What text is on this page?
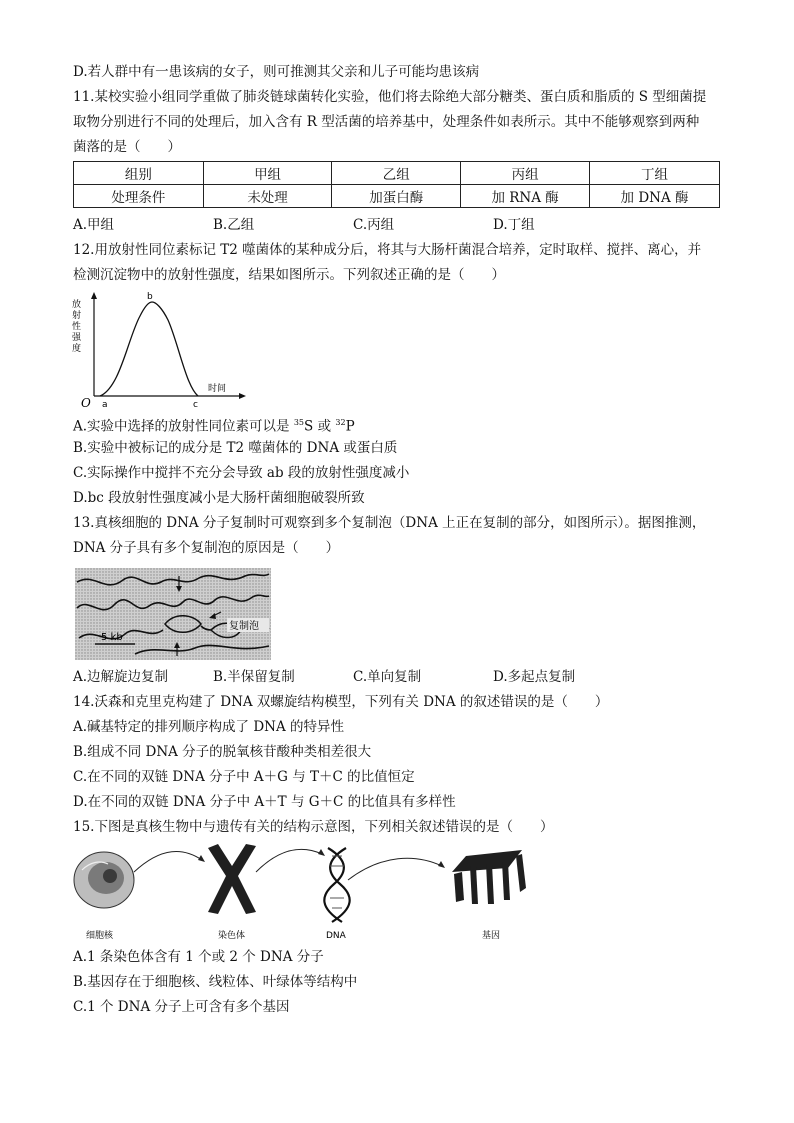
D.若人群中有一患该病的女子，则可推测其父亲和儿子可能均患该病
11.某校实验小组同学重做了肺炎链球菌转化实验，他们将去除绝大部分糖类、蛋白质和脂质的 S 型细菌提
取物分别进行不同的处理后，加入含有 R 型活菌的培养基中，处理条件如表所示。其中不能够观察到两种
菌落的是（　　）
组别	甲组	乙组	丙组	丁组
处理条件	未处理	加蛋白酶	加 RNA 酶	加 DNA 酶
A.甲组	B.乙组	C.丙组	D.丁组
12.用放射性同位素标记 T2 噬菌体的某种成分后，将其与大肠杆菌混合培养，定时取样、搅拌、离心，并
检测沉淀物中的放射性强度，结果如图所示。下列叙述正确的是（　　）
放
射
性
强
度
时间
O a
b
c
A.实验中选择的放射性同位素可以是 $^{35}$S 或 $^{32}$P
B.实验中被标记的成分是 T2 噬菌体的 DNA 或蛋白质
C.实际操作中搅拌不充分会导致 ab 段的放射性强度减小
D.bc 段放射性强度减小是大肠杆菌细胞破裂所致
13.真核细胞的 DNA 分子复制时可观察到多个复制泡（DNA 上正在复制的部分，如图所示）。据图推测，
DNA 分子具有多个复制泡的原因是（　　）
5 kb
复制泡
A.边解旋边复制	B.半保留复制	C.单向复制	D.多起点复制
14.沃森和克里克构建了 DNA 双螺旋结构模型，下列有关 DNA 的叙述错误的是（　　）
A.碱基特定的排列顺序构成了 DNA 的特异性
B.组成不同 DNA 分子的脱氧核苷酸种类相差很大
C.在不同的双链 DNA 分子中 A＋G 与 T＋C 的比值恒定
D.在不同的双链 DNA 分子中 A＋T 与 G＋C 的比值具有多样性
15.下图是真核生物中与遗传有关的结构示意图，下列相关叙述错误的是（　　）
细胞核	染色体	DNA	基因
A.1 条染色体含有 1 个或 2 个 DNA 分子
B.基因存在于细胞核、线粒体、叶绿体等结构中
C.1 个 DNA 分子上可含有多个基因
